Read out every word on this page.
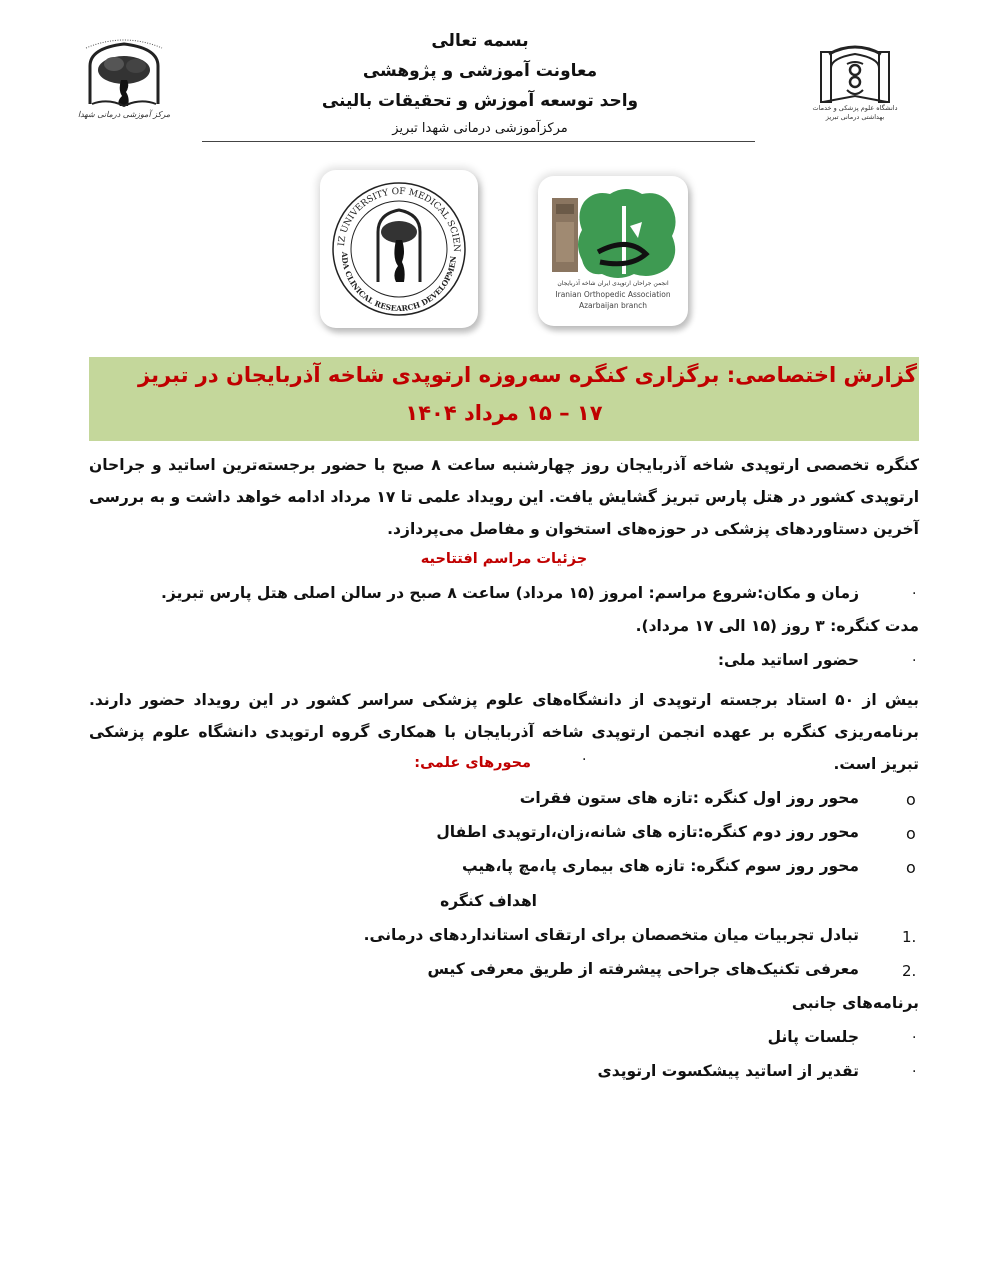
مرکز آموزشی درمانی شهدا
دانشگاه علوم پزشکی و خدمات بهداشتی درمانی تبریز
بسمه تعالی
معاونت آموزشی و پژوهشی
واحد توسعه آموزش و تحقیقات بالینی
مرکزآموزشی درمانی شهدا تبریز
IZ UNIVERSITY OF MEDICAL SCIEN
ADA CLINICAL RESEARCH DEVELOPMEN
انجمن جراحان ارتوپدی ایران شاخه آذربایجان
Iranian Orthopedic Association
Azarbaijan branch
گزارش اختصاصی: برگزاری کنگره سه‌روزه ارتوپدی شاخه آذربایجان در تبریز
۱۷ – ۱۵ مرداد ۱۴۰۴
کنگره تخصصی ارتوپدی شاخه آذربایجان روز چهارشنبه ساعت ۸ صبح با حضور برجسته‌ترین اساتید و جراحان ارتوپدی کشور در هتل پارس تبریز گشایش یافت. این رویداد علمی تا ۱۷ مرداد ادامه خواهد داشت و به بررسی آخرین دستاوردهای پزشکی در حوزه‌های استخوان و مفاصل می‌پردازد.
جزئیات مراسم افتتاحیه
·
زمان و مکان:شروع مراسم: امروز (۱۵ مرداد) ساعت ۸ صبح در سالن اصلی هتل پارس تبریز.
مدت کنگره: ۳ روز (۱۵ الی ۱۷ مرداد).
·
حضور اساتید ملی:
بیش از ۵۰ استاد برجسته ارتوپدی از دانشگاه‌های علوم پزشکی سراسر کشور در این رویداد حضور دارند. برنامه‌ریزی کنگره بر عهده انجمن ارتوپدی شاخه آذربایجان با همکاری گروه ارتوپدی دانشگاه علوم پزشکی تبریز است.
·
محورهای علمی:
o
محور روز اول کنگره :تازه های ستون فقرات
o
محور روز دوم کنگره:تازه های شانه،زان،ارتوپدی اطفال
o
محور روز سوم کنگره: تازه های بیماری پا،مچ پا،هیپ
اهداف کنگره
1.
تبادل تجربیات میان متخصصان برای ارتقای استانداردهای درمانی.
2.
معرفی تکنیک‌های جراحی پیشرفته از طریق معرفی کیس
برنامه‌های جانبی
·
جلسات پانل
·
تقدیر از اساتید پیشکسوت ارتوپدی
